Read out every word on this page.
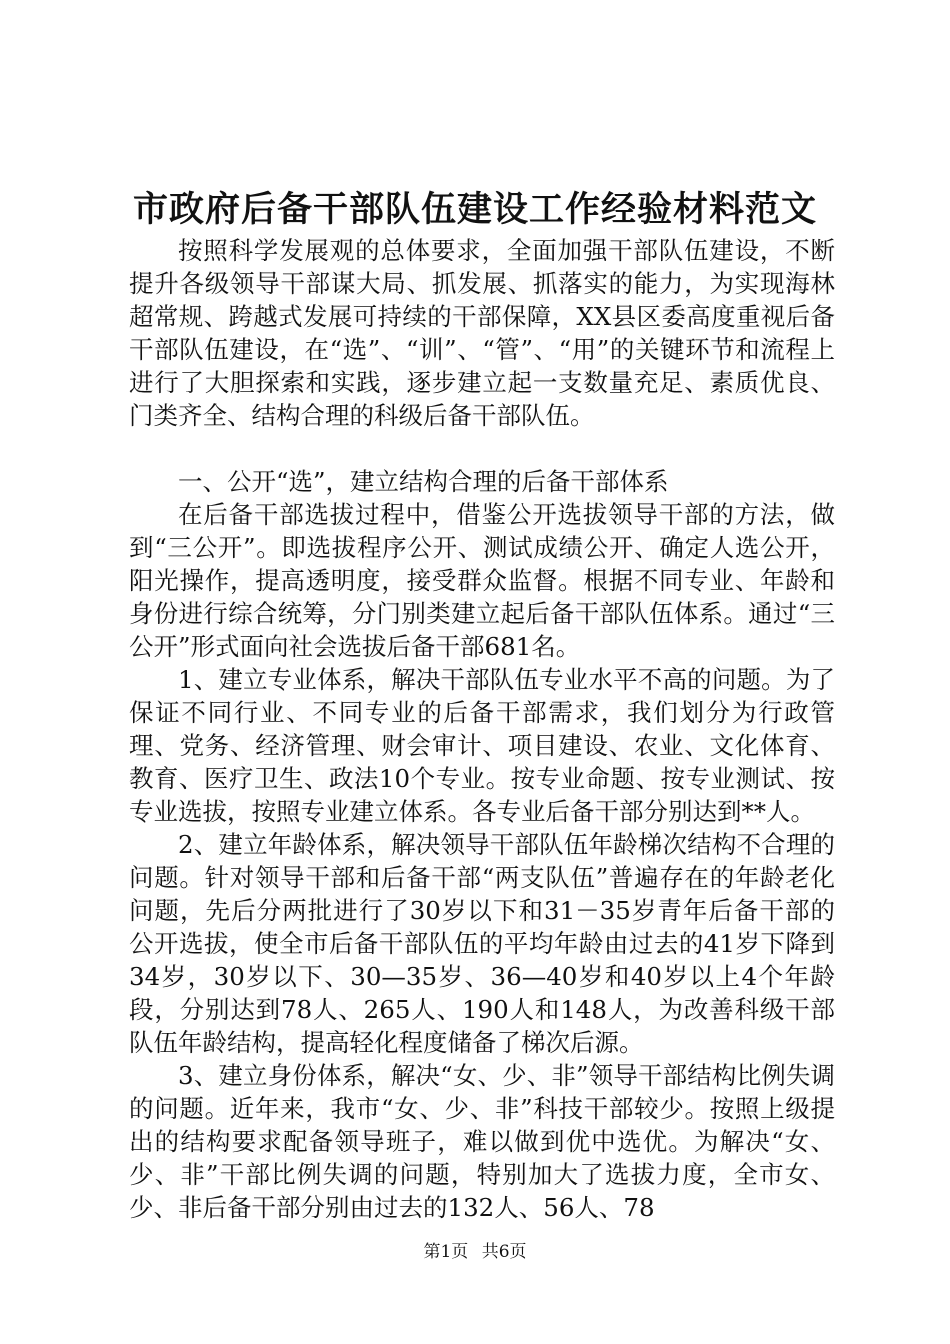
市政府后备干部队伍建设工作经验材料范文

按照科学发展观的总体要求，全面加强干部队伍建设，不断提升各级领导干部谋大局、抓发展、抓落实的能力，为实现海林超常规、跨越式发展可持续的干部保障，XX县区委高度重视后备干部队伍建设，在“选”、“训”、“管”、“用”的关键环节和流程上进行了大胆探索和实践，逐步建立起一支数量充足、素质优良、门类齐全、结构合理的科级后备干部队伍。

一、公开“选”，建立结构合理的后备干部体系

在后备干部选拔过程中，借鉴公开选拔领导干部的方法，做到“三公开”。即选拔程序公开、测试成绩公开、确定人选公开，阳光操作，提高透明度，接受群众监督。根据不同专业、年龄和身份进行综合统筹，分门别类建立起后备干部队伍体系。通过“三公开”形式面向社会选拔后备干部681名。

1、建立专业体系，解决干部队伍专业水平不高的问题。为了保证不同行业、不同专业的后备干部需求，我们划分为行政管理、党务、经济管理、财会审计、项目建设、农业、文化体育、教育、医疗卫生、政法10个专业。按专业命题、按专业测试、按专业选拔，按照专业建立体系。各专业后备干部分别达到**人。

2、建立年龄体系，解决领导干部队伍年龄梯次结构不合理的问题。针对领导干部和后备干部“两支队伍”普遍存在的年龄老化问题，先后分两批进行了30岁以下和31－35岁青年后备干部的公开选拔，使全市后备干部队伍的平均年龄由过去的41岁下降到34岁，30岁以下、30—35岁、36—40岁和40岁以上4个年龄段，分别达到78人、265人、190人和148人，为改善科级干部队伍年龄结构，提高轻化程度储备了梯次后源。

3、建立身份体系，解决“女、少、非”领导干部结构比例失调的问题。近年来，我市“女、少、非”科技干部较少。按照上级提出的结构要求配备领导班子，难以做到优中选优。为解决“女、少、非”干部比例失调的问题，特别加大了选拔力度，全市女、少、非后备干部分别由过去的132人、56人、78

第1页 共6页
